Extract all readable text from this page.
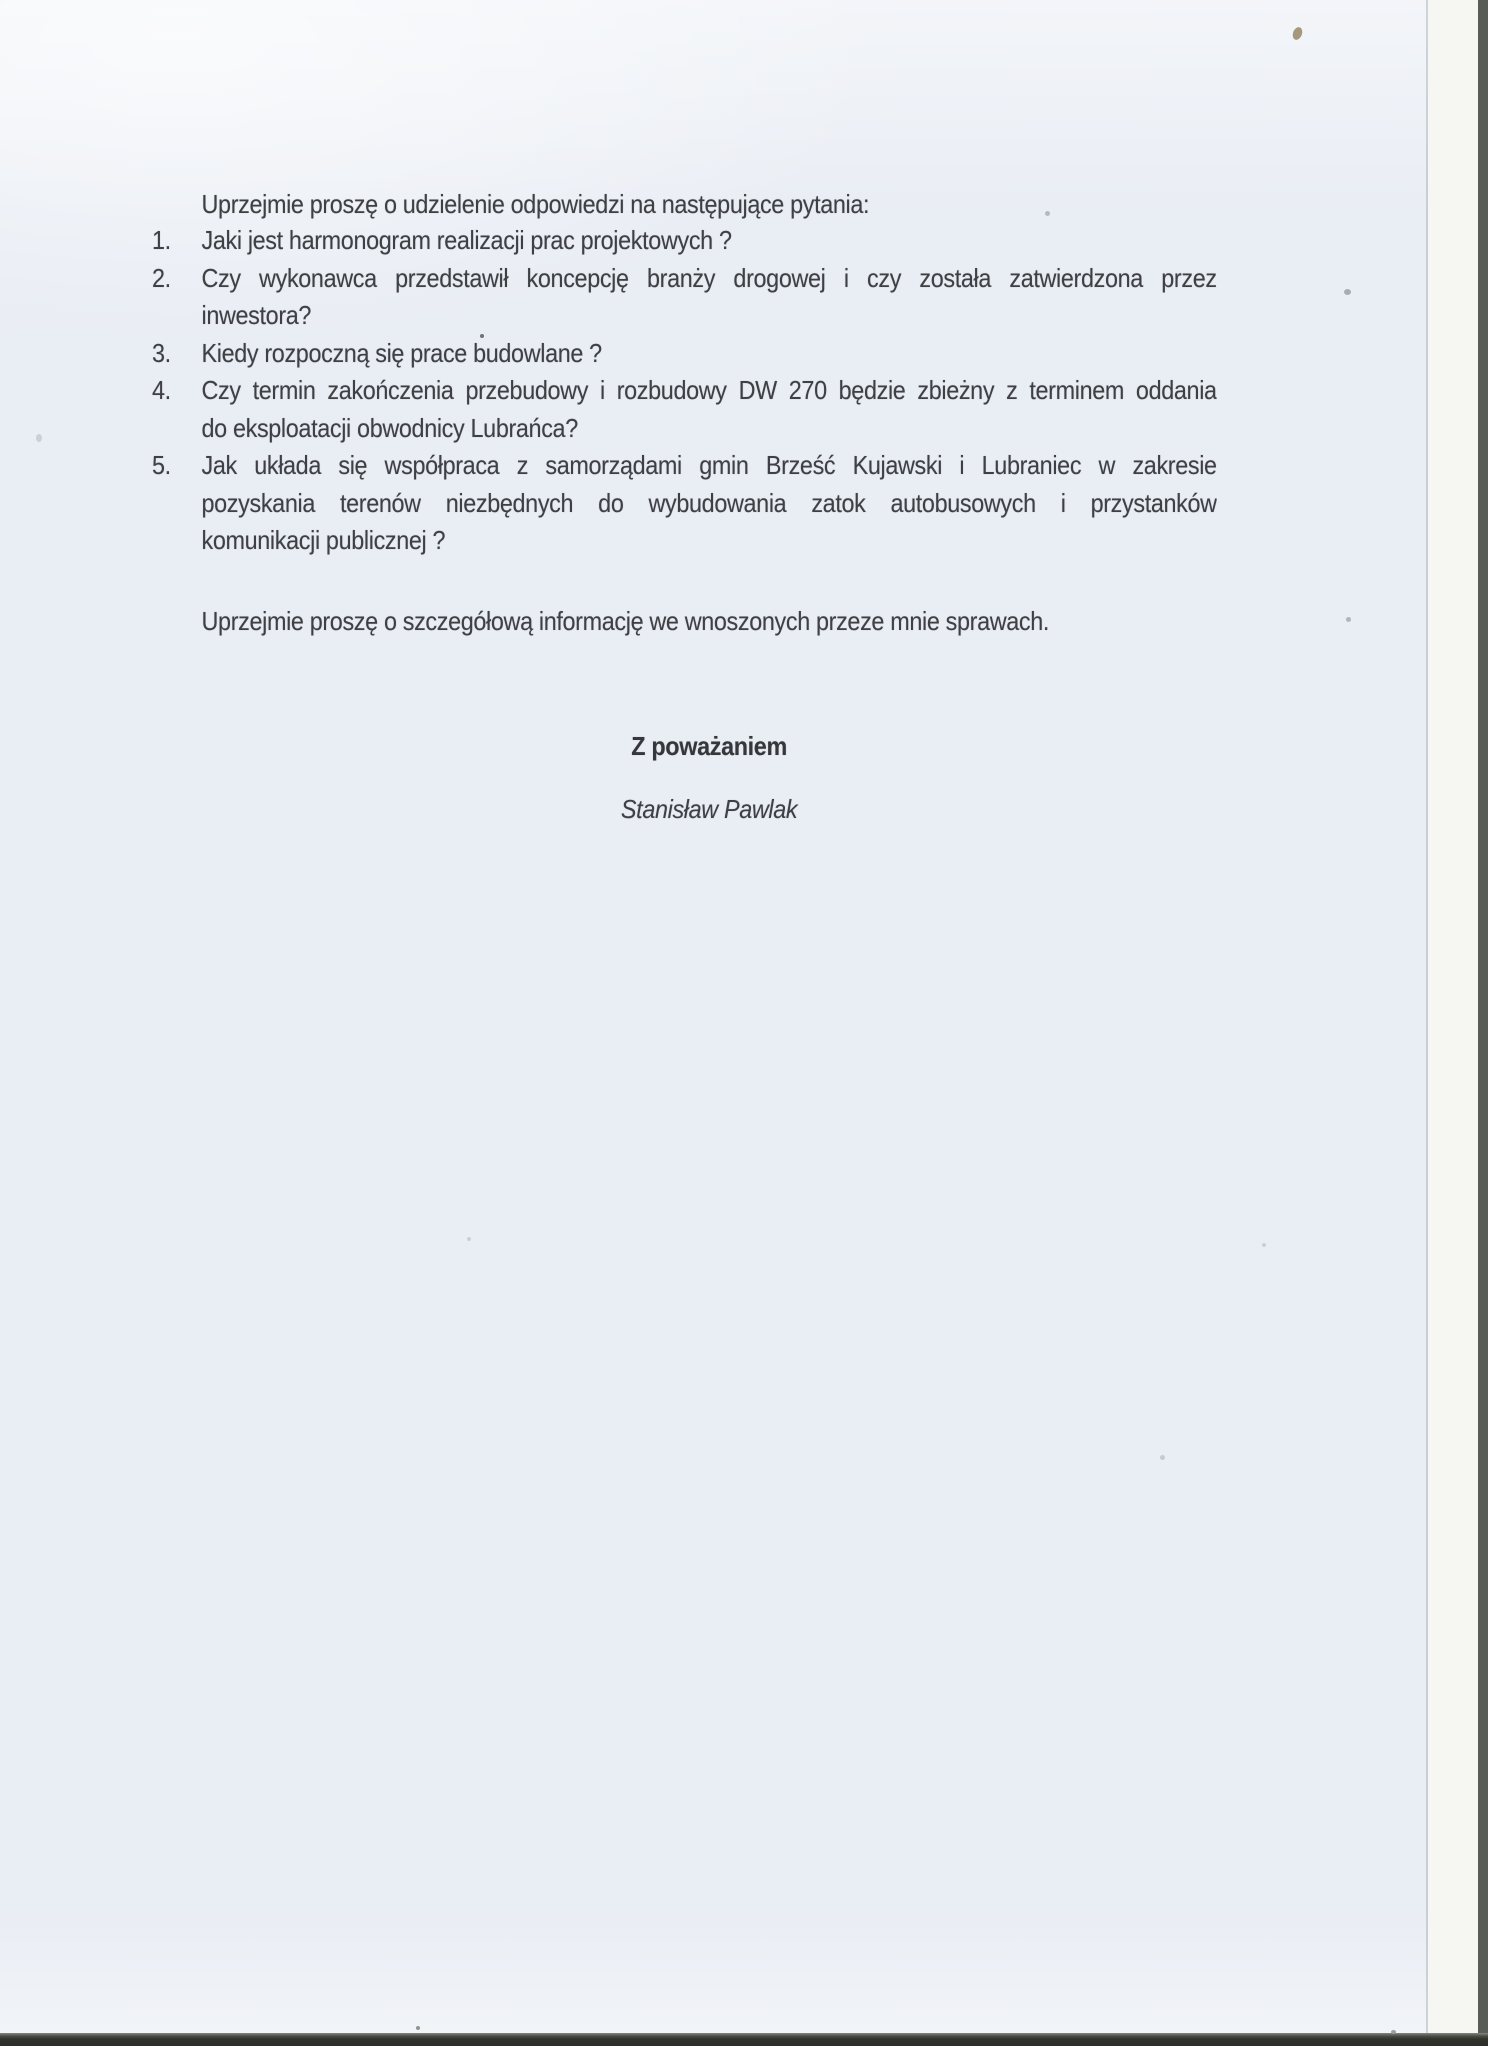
Uprzejmie proszę o udzielenie odpowiedzi na następujące pytania:

1. Jaki jest harmonogram realizacji prac projektowych ?
2. Czy wykonawca przedstawił koncepcję branży drogowej i czy została zatwierdzona przez
inwestora?
3. Kiedy rozpoczną się prace budowlane ?
4. Czy termin zakończenia przebudowy i rozbudowy DW 270 będzie zbieżny z terminem oddania
do eksploatacji obwodnicy Lubrańca?
5. Jak układa się współpraca z samorządami gmin Brześć Kujawski i Lubraniec w zakresie
pozyskania terenów niezbędnych do wybudowania zatok autobusowych i przystanków
komunikacji publicznej ?

Uprzejmie proszę o szczegółową informację we wnoszonych przeze mnie sprawach.

Z poważaniem

Stanisław Pawlak
